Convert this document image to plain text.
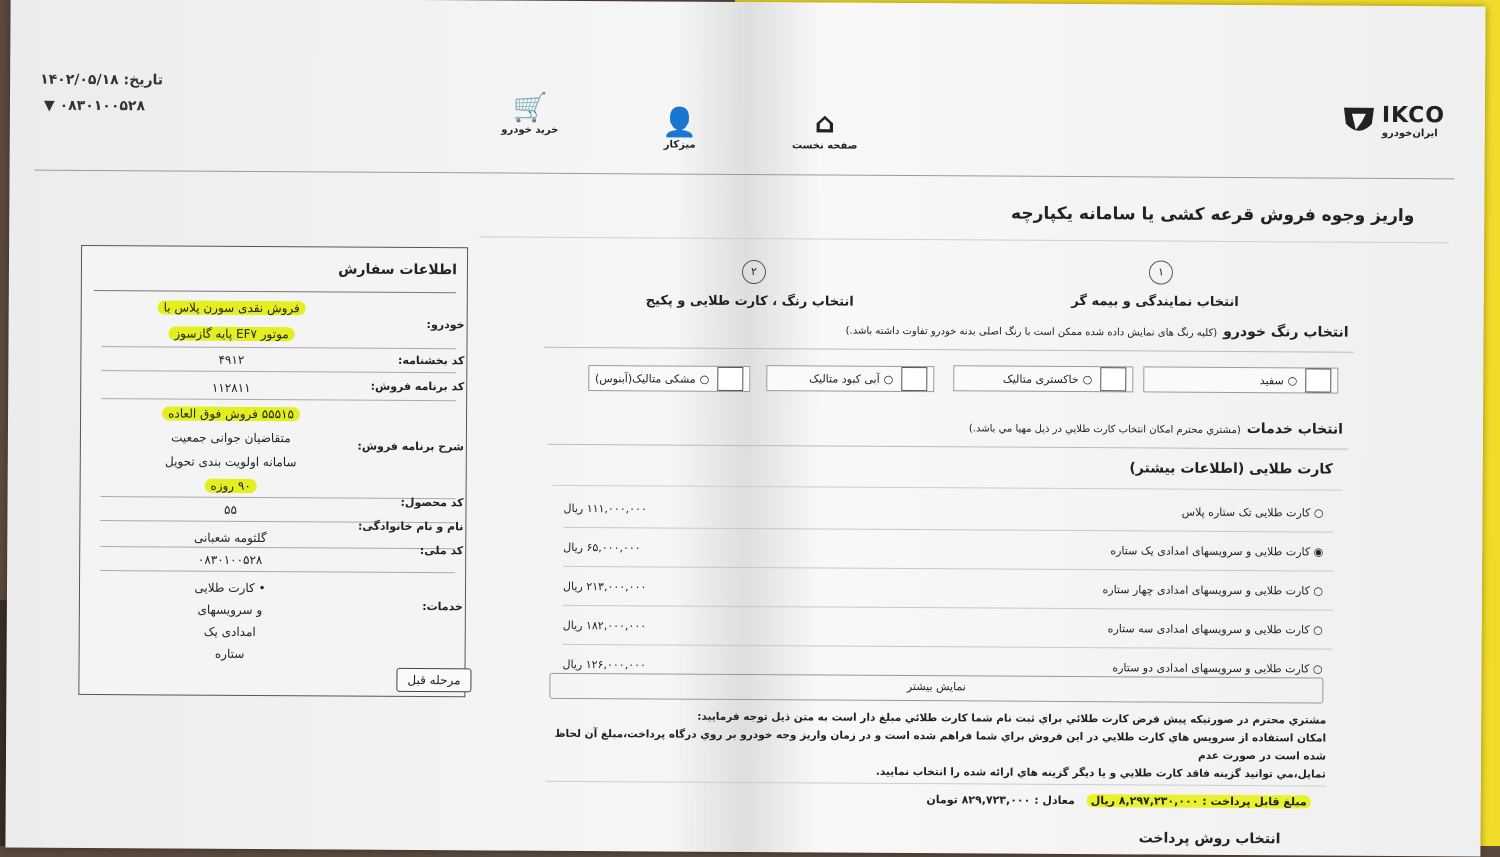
تاریخ: ۱۴۰۲/۰۵/۱۸
▼ ۰۸۳۰۱۰۰۵۲۸	🛒
خرید خودرو	👤
میزکار
⌂
صفحه نخست
IKCO
ایران‌خودرو
واریز وجوه فروش قرعه کشی یا سامانه یکپارچه
۱
انتخاب نمایندگی و بیمه گر
۲
انتخاب رنگ ، کارت طلایی و پکیج
انتخاب رنگ خودرو
(کلیه رنگ های نمایش داده شده ممکن است با رنگ اصلی بدنه خودرو تفاوت داشته باشد.)
○
سفید
○
خاکستری متالیک
○
آبی کبود متالیک
○
مشکی متالیک(آبنوس)
انتخاب خدمات
(مشتري محترم امکان انتخاب کارت طلايي در ذيل مهيا مي باشد.)
کارت طلایی (اطلاعات بیشتر)
۱۱۱,۰۰۰,۰۰۰ ریال	○ کارت طلایی تک ستاره پلاس
۶۵,۰۰۰,۰۰۰ ریال	◉ کارت طلایی و سرویسهای امدادی یک ستاره
۲۱۳,۰۰۰,۰۰۰ ریال	○ کارت طلایی و سرویسهای امدادی چهار ستاره
۱۸۲,۰۰۰,۰۰۰ ریال	○ کارت طلایی و سرویسهای امدادی سه ستاره
۱۲۶,۰۰۰,۰۰۰ ریال	○ کارت طلایی و سرویسهای امدادی دو ستاره
نمایش بیشتر
مشتري محترم در صورتيکه پيش فرض کارت طلائي براي ثبت نام شما کارت طلائي مبلغ دار است به متن ذيل توجه فرماييد:
امکان استفاده از سرويس هاي کارت طلايي در اين فروش براي شما فراهم شده است و در زمان واريز وجه خودرو بر روي درگاه پرداخت،مبلغ آن لحاظ شده است در صورت عدم
تمايل،مي توانيد گزينه فاقد کارت طلايي و يا ديگر گزينه هاي ارائه شده را انتخاب نماييد.
مبلغ قابل پرداخت : ۸,۲۹۷,۲۳۰,۰۰۰ ریال
معادل : ۸۲۹,۷۲۳,۰۰۰ تومان
انتخاب روش پرداخت
اطلاعات سفارش
خودرو:
فروش نقدی سورن پلاس با
موتور EF۷ پایه گازسوز
کد بخشنامه:
۴۹۱۲
کد برنامه فروش:
۱۱۲۸۱۱
شرح برنامه فروش:
۵۵۵۱۵ فروش فوق العاده
متقاضیان جوانی جمعیت
سامانه اولویت بندی تحویل
۹۰ روزه
کد محصول:
۵۵
نام و نام خانوادگی:
گلثومه شعبانی
کد ملی:
۰۸۳۰۱۰۰۵۲۸
خدمات:
• کارت طلایی
و سرویسهای
امدادی یک
ستاره
مرحله قبل
